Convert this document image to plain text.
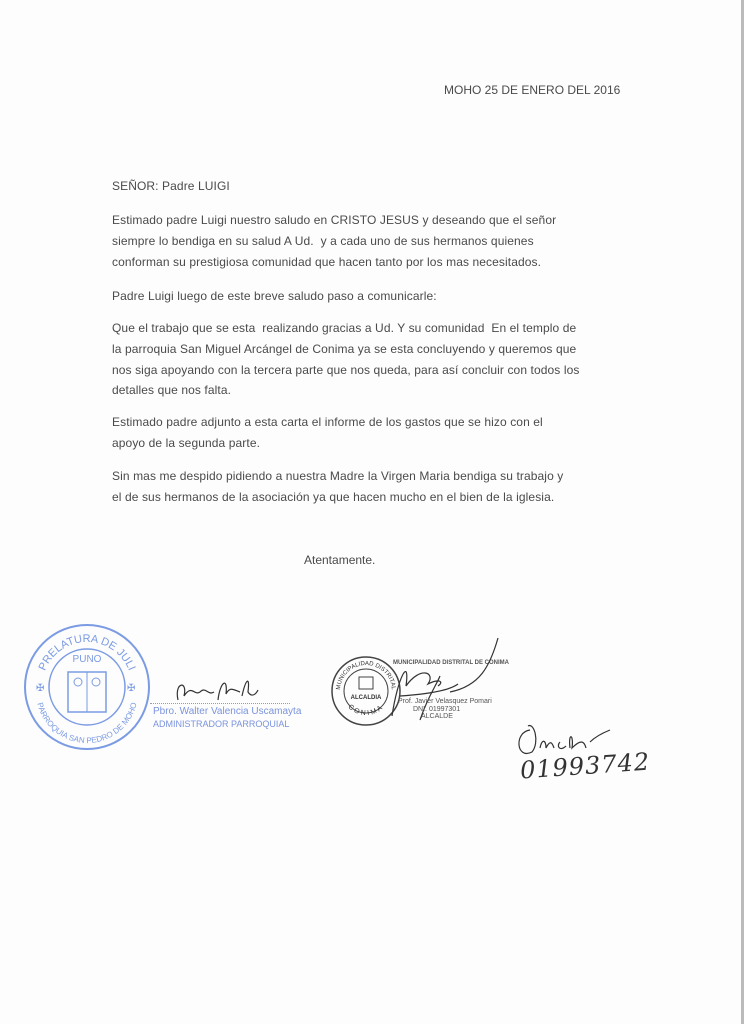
MOHO 25 DE ENERO DEL 2016
SEÑOR: Padre LUIGI
Estimado padre Luigi nuestro saludo en CRISTO JESUS y deseando que el señor
siempre lo bendiga en su salud A Ud.  y a cada uno de sus hermanos quienes
conforman su prestigiosa comunidad que hacen tanto por los mas necesitados.
Padre Luigi luego de este breve saludo paso a comunicarle:
Que el trabajo que se esta  realizando gracias a Ud. Y su comunidad  En el templo de
la parroquia San Miguel Arcángel de Conima ya se esta concluyendo y queremos que
nos siga apoyando con la tercera parte que nos queda, para así concluir con todos los
detalles que nos falta.
Estimado padre adjunto a esta carta el informe de los gastos que se hizo con el
apoyo de la segunda parte.
Sin mas me despido pidiendo a nuestra Madre la Virgen Maria bendiga su trabajo y
el de sus hermanos de la asociación ya que hacen mucho en el bien de la iglesia.
Atentamente.
✠	✠
PRELATURA DE JULI
PUNO
PARROQUIA SAN PEDRO DE MOHO
Pbro. Walter Valencia Uscamayta
ADMINISTRADOR PARROQUIAL
ALCALDIA
MUNICIPALIDAD DISTRITAL
CONIMA
MUNICIPALIDAD DISTRITAL DE CONIMA
Prof. Javier Velasquez Pomari
DNI. 01997301
ALCALDE
01993742
